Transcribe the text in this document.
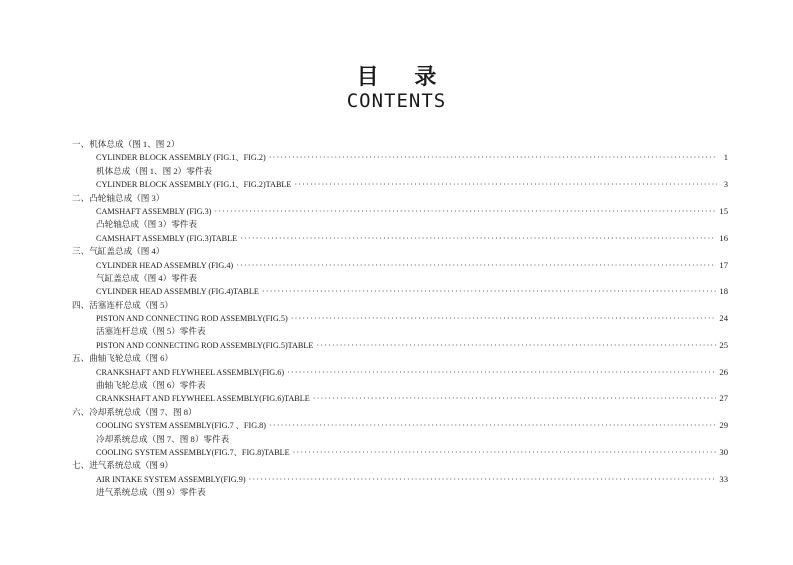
目 录
CONTENTS
一、机体总成（图 1、图 2）
CYLINDER BLOCK ASSEMBLY (FIG.1、FIG.2) ·····	1
机体总成（图 1、图 2）零件表
CYLINDER BLOCK ASSEMBLY (FIG.1、FIG.2)TABLE ·····	3
二、凸轮轴总成（图 3）
CAMSHAFT ASSEMBLY (FIG.3) ·····	15
凸轮轴总成（图 3）零件表
CAMSHAFT ASSEMBLY (FIG.3)TABLE ·····	16
三、气缸盖总成（图 4）
CYLINDER HEAD ASSEMBLY (FIG.4) ·····	17
气缸盖总成（图 4）零件表
CYLINDER HEAD ASSEMBLY (FIG.4)TABLE ·····	18
四、活塞连杆总成（图 5）
PISTON AND CONNECTING ROD ASSEMBLY(FIG.5) ·····	24
活塞连杆总成（图 5）零件表
PISTON AND CONNECTING ROD ASSEMBLY(FIG.5)TABLE ·····	25
五、曲轴飞轮总成（图 6）
CRANKSHAFT AND FLYWHEEL ASSEMBLY(FIG.6) ·····	26
曲轴飞轮总成（图 6）零件表
CRANKSHAFT AND FLYWHEEL ASSEMBLY(FIG.6)TABLE ·····	27
六、冷却系统总成（图 7、图 8）
COOLING SYSTEM ASSEMBLY(FIG.7 、FIG.8) ·····	29
冷却系统总成（图 7、图 8）零件表
COOLING SYSTEM ASSEMBLY(FIG.7、FIG.8)TABLE ·····	30
七、进气系统总成（图 9）
AIR INTAKE SYSTEM ASSEMBLY(FIG.9) ·····	33
进气系统总成（图 9）零件表
